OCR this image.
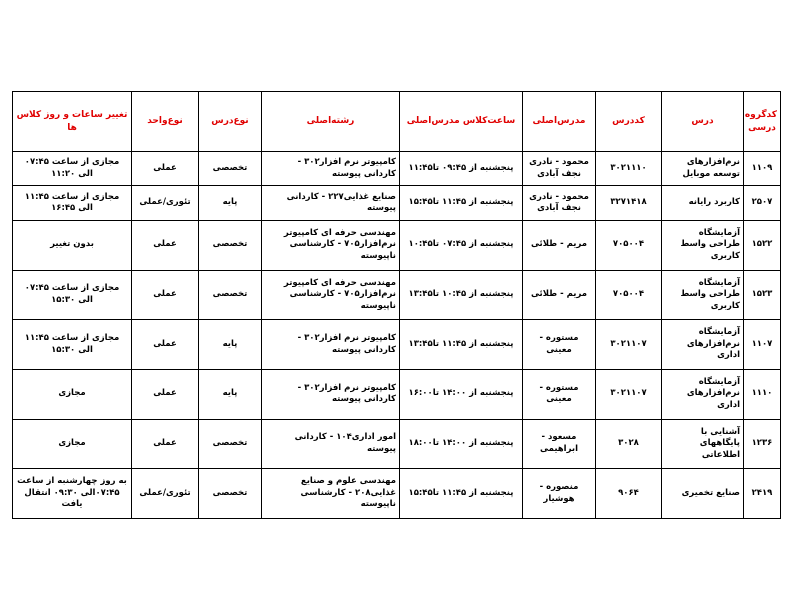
کدگروه درسی	درس	کددرس	مدرس‌اصلی	ساعت‌کلاس مدرس‌اصلی	رشته‌اصلی	نوع‌درس	نوع‌واحد	تغییر ساعات و روز کلاس ها
۱۱۰۹	نرم‌افزارهای توسعه موبایل	۳۰۲۱۱۱۰	محمود - نادری نجف آبادی	پنجشنبه از ۰۹:۴۵ تا۱۱:۴۵	کامپیوتر نرم افزار۳۰۲ - کاردانی پیوسته	تخصصی	عملی	مجازی از ساعت ۰۷:۴۵ الی ۱۱:۲۰
۲۵۰۷	کاربرد رایانه	۳۲۷۱۴۱۸	محمود - نادری نجف آبادی	پنجشنبه از ۱۱:۴۵ تا۱۵:۴۵	صنایع غذایی۲۲۷ - کاردانی پیوسته	پایه	تئوری/عملی	مجازی از ساعت ۱۱:۴۵ الی ۱۶:۴۵
۱۵۲۲	آزمایشگاه طراحی واسط کاربری	۷۰۵۰۰۴	مریم - طلائی	پنجشنبه از ۰۷:۴۵ تا۱۰:۴۵	مهندسی حرفه ای کامپیوتر نرم‌افزار۷۰۵ - کارشناسی ناپیوسته	تخصصی	عملی	بدون تغییر
۱۵۲۳	آزمایشگاه طراحی واسط کاربری	۷۰۵۰۰۴	مریم - طلائی	پنجشنبه از ۱۰:۴۵ تا۱۳:۴۵	مهندسی حرفه ای کامپیوتر نرم‌افزار۷۰۵ - کارشناسی ناپیوسته	تخصصی	عملی	مجازی از ساعت ۰۷:۴۵ الی ۱۵:۳۰
۱۱۰۷	آزمایشگاه نرم‌افزارهای اداری	۳۰۲۱۱۰۷	مستوره - معینی	پنجشنبه از ۱۱:۴۵ تا۱۳:۴۵	کامپیوتر نرم افزار۳۰۲ - کاردانی پیوسته	پایه	عملی	مجازی از ساعت ۱۱:۴۵ الی ۱۵:۳۰
۱۱۱۰	آزمایشگاه نرم‌افزارهای اداری	۳۰۲۱۱۰۷	مستوره - معینی	پنجشنبه از ۱۴:۰۰ تا۱۶:۰۰	کامپیوتر نرم افزار۳۰۲ - کاردانی پیوسته	پایه	عملی	مجازی
۱۲۳۶	آشنایی با پایگاههای اطلاعاتی	۳۰۲۸	مسعود - ابراهیمی	پنجشنبه از ۱۴:۰۰ تا۱۸:۰۰	امور اداری۱۰۴ - کاردانی پیوسته	تخصصی	عملی	مجازی
۲۴۱۹	صنایع تخمیری	۹۰۶۴	منصوره - هوشیار	پنجشنبه از ۱۱:۴۵ تا۱۵:۴۵	مهندسی علوم و صنایع غذایی۲۰۸ - کارشناسی ناپیوسته	تخصصی	تئوری/عملی	به روز چهارشنبه از ساعت ۰۷:۴۵الی ۰۹:۳۰ انتقال یافت
